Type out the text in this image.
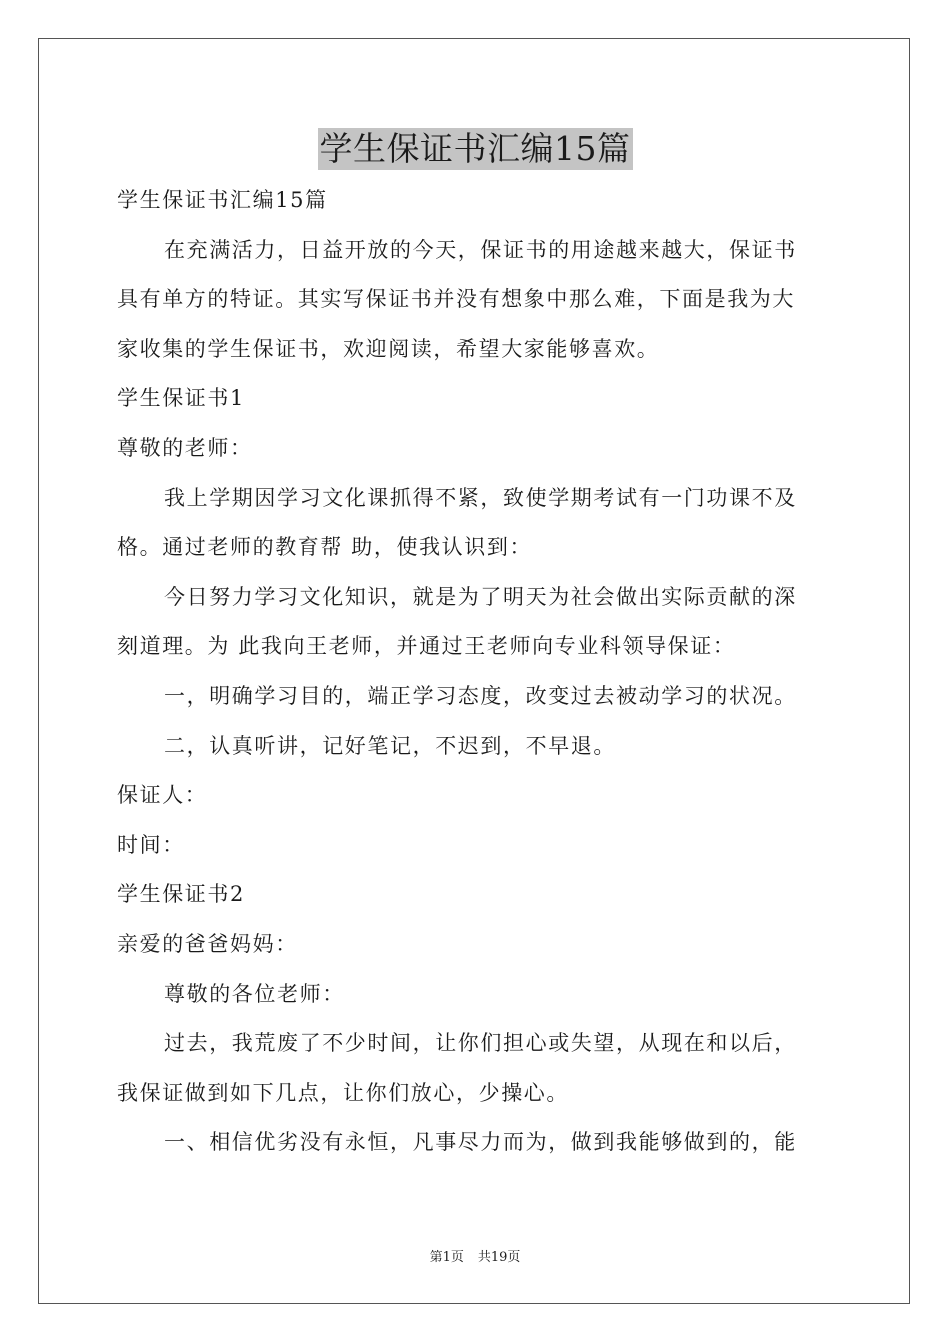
学生保证书汇编15篇
学生保证书汇编15篇
在充满活力，日益开放的今天，保证书的用途越来越大，保证书
具有单方的特证。其实写保证书并没有想象中那么难，下面是我为大
家收集的学生保证书，欢迎阅读，希望大家能够喜欢。
学生保证书1
尊敬的老师：
我上学期因学习文化课抓得不紧，致使学期考试有一门功课不及
格。通过老师的教育帮 助，使我认识到：
今日努力学习文化知识，就是为了明天为社会做出实际贡献的深
刻道理。为 此我向王老师，并通过王老师向专业科领导保证：
一，明确学习目的，端正学习态度，改变过去被动学习的状况。
二，认真听讲，记好笔记，不迟到，不早退。
保证人：
时间：
学生保证书2
亲爱的爸爸妈妈：
尊敬的各位老师：
过去，我荒废了不少时间，让你们担心或失望，从现在和以后，
我保证做到如下几点，让你们放心，少操心。
一、相信优劣没有永恒，凡事尽力而为，做到我能够做到的，能
第1页 共19页
